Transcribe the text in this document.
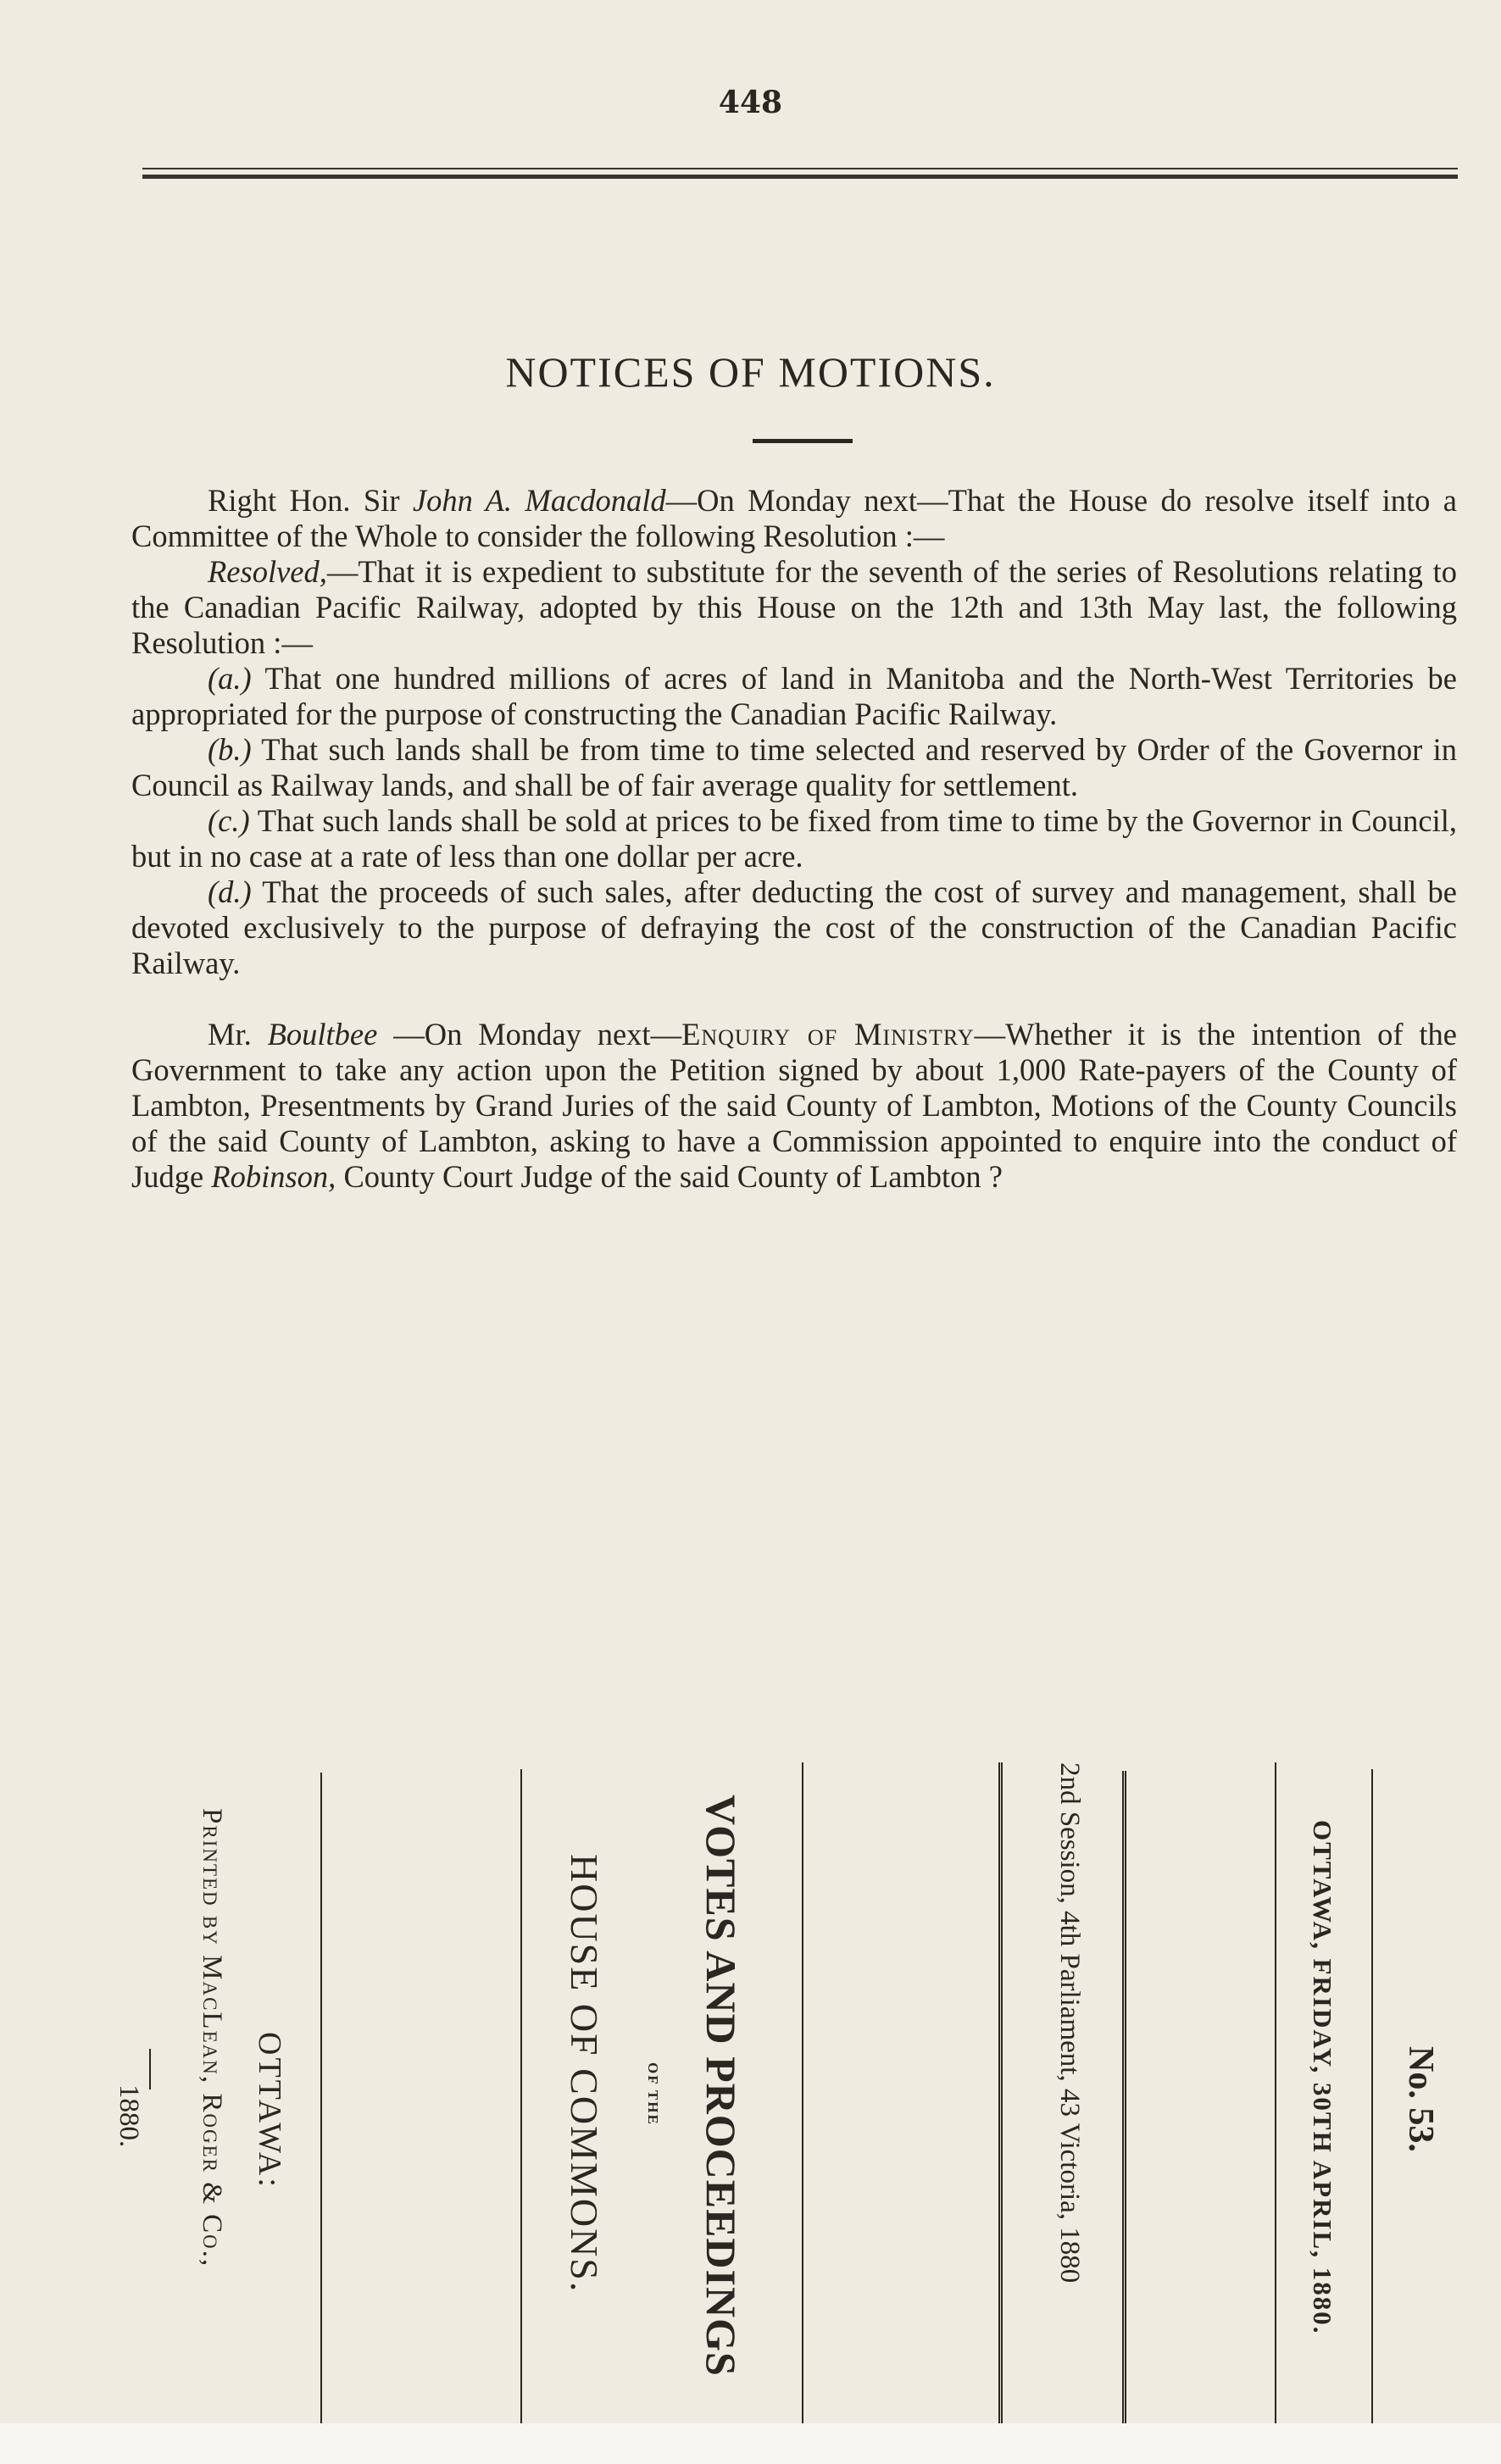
448
NOTICES OF MOTIONS.

Right Hon. Sir John A. Macdonald—On Monday next—That the House do resolve itself into a Committee of the Whole to consider the following Resolution :—

Resolved,—That it is expedient to substitute for the seventh of the series of Resolutions relating to the Canadian Pacific Railway, adopted by this House on the 12th and 13th May last, the following Resolution :—

(a.) That one hundred millions of acres of land in Manitoba and the North-West Territories be appropriated for the purpose of constructing the Canadian Pacific Railway.

(b.) That such lands shall be from time to time selected and reserved by Order of the Governor in Council as Railway lands, and shall be of fair average quality for settlement.

(c.) That such lands shall be sold at prices to be fixed from time to time by the Governor in Council, but in no case at a rate of less than one dollar per acre.

(d.) That the proceeds of such sales, after deducting the cost of survey and management, shall be devoted exclusively to the purpose of defraying the cost of the construction of the Canadian Pacific Railway.

Mr. Boultbee —On Monday next—Enquiry of Ministry—Whether it is the intention of the Government to take any action upon the Petition signed by about 1,000 Rate-payers of the County of Lambton, Presentments by Grand Juries of the said County of Lambton, Motions of the County Councils of the said County of Lambton, asking to have a Commission appointed to enquire into the conduct of Judge Robinson, County Court Judge of the said County of Lambton ?

No. 53.
OTTAWA, FRIDAY, 30TH APRIL, 1880.
2nd Session, 4th Parliament, 43 Victoria, 1880
VOTES AND PROCEEDINGS
OF THE
HOUSE OF COMMONS.
OTTAWA:
Printed by MacLean, Roger & Co.,
1880.
